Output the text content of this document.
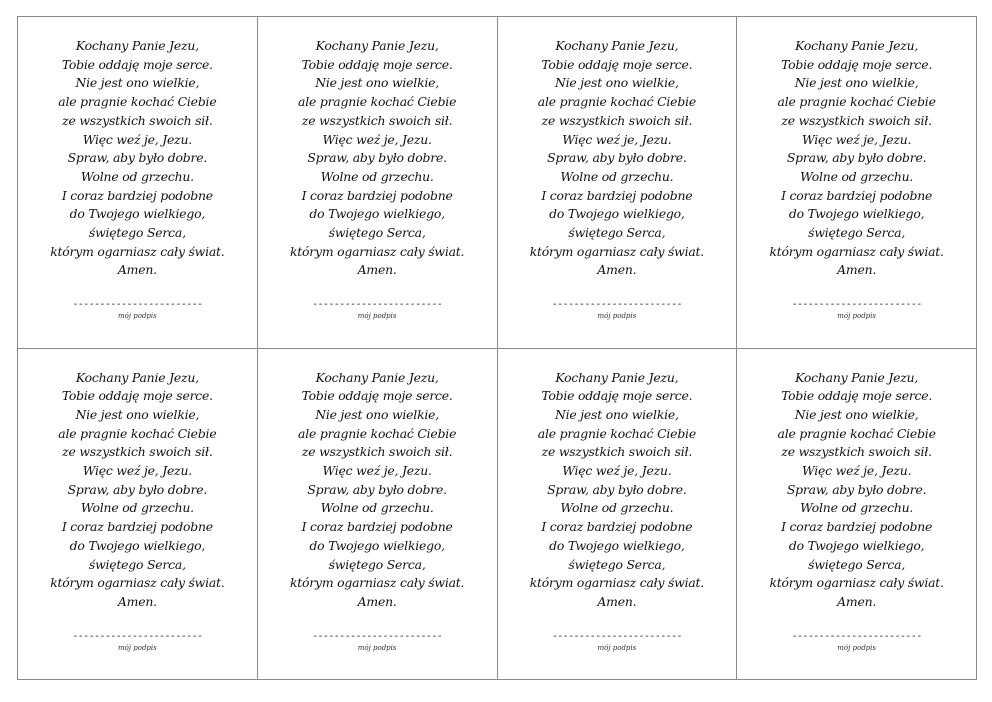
Kochany Panie Jezu,
Tobie oddaję moje serce.
Nie jest ono wielkie,
ale pragnie kochać Ciebie
ze wszystkich swoich sił.
Więc weź je, Jezu.
Spraw, aby było dobre.
Wolne od grzechu.
I coraz bardziej podobne
do Twojego wielkiego,
świętego Serca,
którym ogarniasz cały świat.
Amen.
------------------------
mój podpis
Kochany Panie Jezu,
Tobie oddaję moje serce.
Nie jest ono wielkie,
ale pragnie kochać Ciebie
ze wszystkich swoich sił.
Więc weź je, Jezu.
Spraw, aby było dobre.
Wolne od grzechu.
I coraz bardziej podobne
do Twojego wielkiego,
świętego Serca,
którym ogarniasz cały świat.
Amen.
------------------------
mój podpis
Kochany Panie Jezu,
Tobie oddaję moje serce.
Nie jest ono wielkie,
ale pragnie kochać Ciebie
ze wszystkich swoich sił.
Więc weź je, Jezu.
Spraw, aby było dobre.
Wolne od grzechu.
I coraz bardziej podobne
do Twojego wielkiego,
świętego Serca,
którym ogarniasz cały świat.
Amen.
------------------------
mój podpis
Kochany Panie Jezu,
Tobie oddaję moje serce.
Nie jest ono wielkie,
ale pragnie kochać Ciebie
ze wszystkich swoich sił.
Więc weź je, Jezu.
Spraw, aby było dobre.
Wolne od grzechu.
I coraz bardziej podobne
do Twojego wielkiego,
świętego Serca,
którym ogarniasz cały świat.
Amen.
------------------------
mój podpis
Kochany Panie Jezu,
Tobie oddaję moje serce.
Nie jest ono wielkie,
ale pragnie kochać Ciebie
ze wszystkich swoich sił.
Więc weź je, Jezu.
Spraw, aby było dobre.
Wolne od grzechu.
I coraz bardziej podobne
do Twojego wielkiego,
świętego Serca,
którym ogarniasz cały świat.
Amen.
------------------------
mój podpis
Kochany Panie Jezu,
Tobie oddaję moje serce.
Nie jest ono wielkie,
ale pragnie kochać Ciebie
ze wszystkich swoich sił.
Więc weź je, Jezu.
Spraw, aby było dobre.
Wolne od grzechu.
I coraz bardziej podobne
do Twojego wielkiego,
świętego Serca,
którym ogarniasz cały świat.
Amen.
------------------------
mój podpis
Kochany Panie Jezu,
Tobie oddaję moje serce.
Nie jest ono wielkie,
ale pragnie kochać Ciebie
ze wszystkich swoich sił.
Więc weź je, Jezu.
Spraw, aby było dobre.
Wolne od grzechu.
I coraz bardziej podobne
do Twojego wielkiego,
świętego Serca,
którym ogarniasz cały świat.
Amen.
------------------------
mój podpis
Kochany Panie Jezu,
Tobie oddaję moje serce.
Nie jest ono wielkie,
ale pragnie kochać Ciebie
ze wszystkich swoich sił.
Więc weź je, Jezu.
Spraw, aby było dobre.
Wolne od grzechu.
I coraz bardziej podobne
do Twojego wielkiego,
świętego Serca,
którym ogarniasz cały świat.
Amen.
------------------------
mój podpis
